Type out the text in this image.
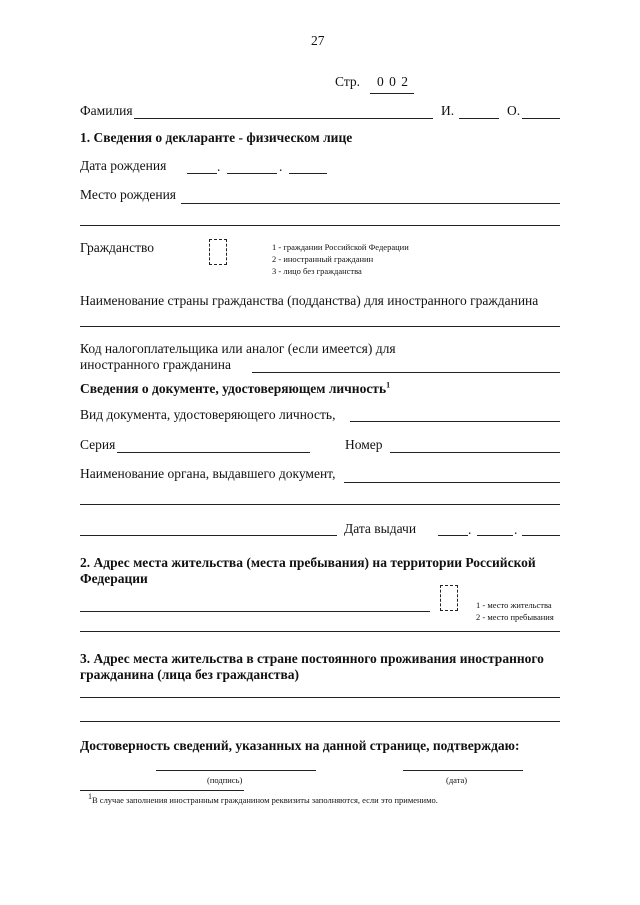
27
Стр. 0 0 2
Фамилия	И.	О.
1. Сведения о декларанте - физическом лице
Дата рождения	.	.
Место рождения
Гражданство	1 - граждании Российской Федерации
2 - иностранный гражданин
3 - лицо без гражданства
Наименование страны гражданства (подданства) для иностранного гражданина
Код налогоплательщика или аналог (если имеется) для
иностранного гражданина
Сведения о документе, удостоверяющем личность$^1$
Вид документа, удостоверяющего личность,
Серия	Номер
Наименование органа, выдавшего документ,
Дата выдачи	.	.
2. Адрес места жительства (места пребывания) на территории Российской
Федерации
1 - место жительства
2 - место пребывания
3. Адрес места жительства в стране постоянного проживания иностранного
гражданина (лица без гражданства)
Достоверность сведений, указанных на данной странице, подтверждаю:
(подпись)	(дата)
$^1$В случае заполнения иностранным гражданином реквизиты заполняются, если это применимо.
